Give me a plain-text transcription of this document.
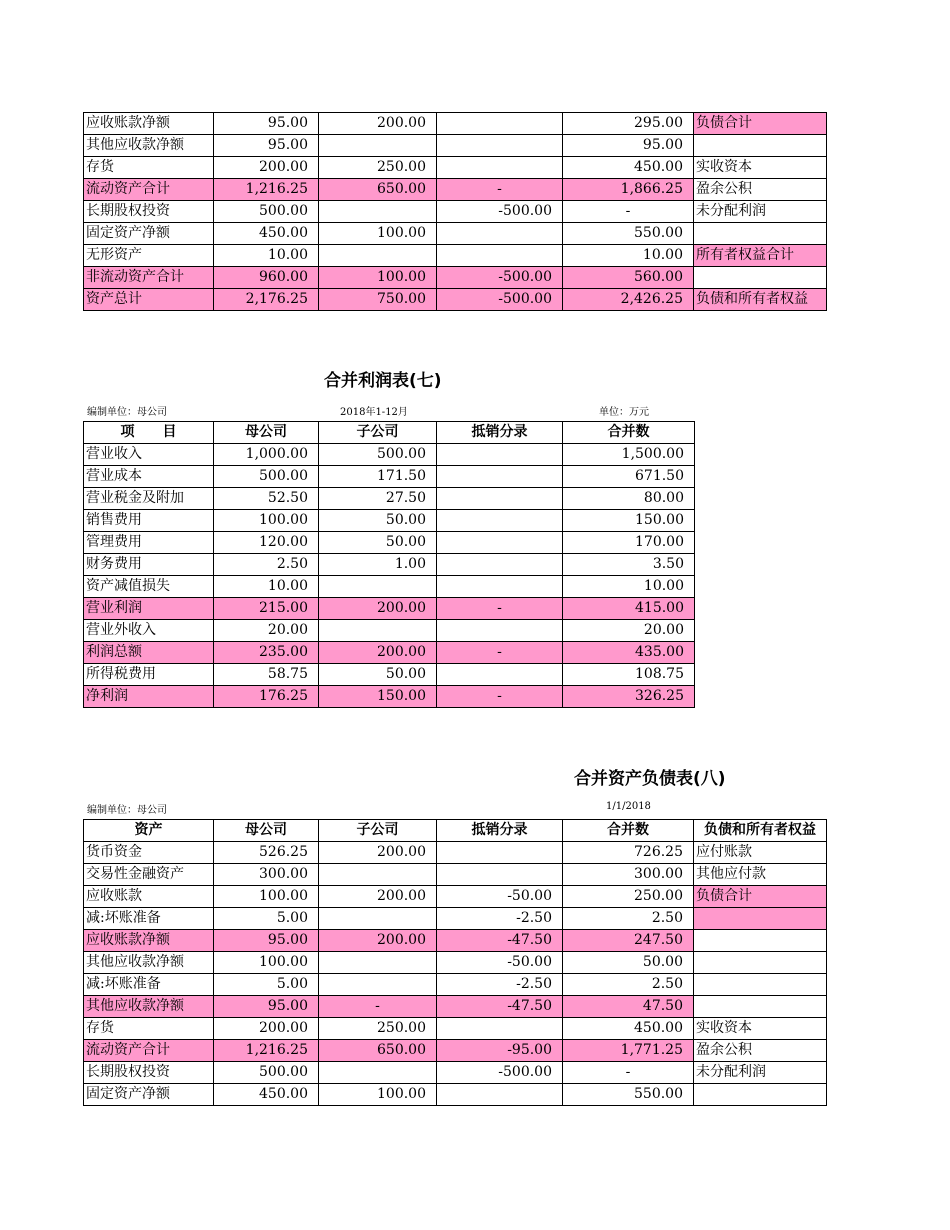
应收账款净额	95.00	200.00		295.00	负债合计
其他应收款净额	95.00			95.00	
存货	200.00	250.00		450.00	实收资本
流动资产合计	1,216.25	650.00	-	1,866.25	盈余公积
长期股权投资	500.00		-500.00	-	未分配利润
固定资产净额	450.00	100.00		550.00	
无形资产	10.00			10.00	所有者权益合计
非流动资产合计	960.00	100.00	-500.00	560.00	
资产总计	2,176.25	750.00	-500.00	2,426.25	负债和所有者权益
合并利润表(七)
编制单位：母公司	2018年1-12月	单位：万元
项　　目	母公司	子公司	抵销分录	合并数
营业收入	1,000.00	500.00		1,500.00
营业成本	500.00	171.50		671.50
营业税金及附加	52.50	27.50		80.00
销售费用	100.00	50.00		150.00
管理费用	120.00	50.00		170.00
财务费用	2.50	1.00		3.50
资产减值损失	10.00			10.00
营业利润	215.00	200.00	-	415.00
营业外收入	20.00			20.00
利润总额	235.00	200.00	-	435.00
所得税费用	58.75	50.00		108.75
净利润	176.25	150.00	-	326.25
合并资产负债表(八)
编制单位：母公司	1/1/2018
资产	母公司	子公司	抵销分录	合并数	负债和所有者权益
货币资金	526.25	200.00		726.25	应付账款
交易性金融资产	300.00			300.00	其他应付款
应收账款	100.00	200.00	-50.00	250.00	负债合计
减:坏账准备	5.00		-2.50	2.50	
应收账款净额	95.00	200.00	-47.50	247.50	
其他应收款净额	100.00		-50.00	50.00	
减:坏账准备	5.00		-2.50	2.50	
其他应收款净额	95.00	-	-47.50	47.50	
存货	200.00	250.00		450.00	实收资本
流动资产合计	1,216.25	650.00	-95.00	1,771.25	盈余公积
长期股权投资	500.00		-500.00	-	未分配利润
固定资产净额	450.00	100.00		550.00	
